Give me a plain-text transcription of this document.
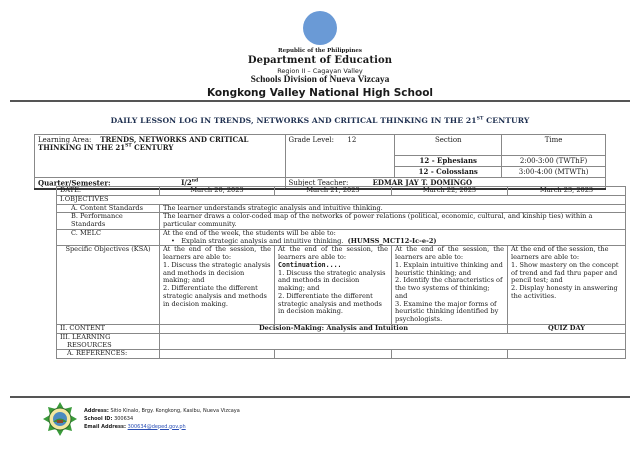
Republic of the Philippines
Department of Education
Region II – Cagayan Valley
Schools Division of Nueva Vizcaya
Kongkong Valley National High School
DAILY LESSON LOG IN TRENDS, NETWORKS AND CRITICAL THINKING IN THE 21ST CENTURY
Learning Area: TRENDS, NETWORKS AND CRITICAL THINKING IN THE 21ST CENTURY	Grade Level: 12	Section	Time
		12 - Ephesians	2:00-3:00 (TWThF)
		12 - Colossians	3:00-4:00 (MTWTh)
Quarter/Semester: I/2nd	Subject Teacher: EDMAR JAY T. DOMINGO		
DATE:	March 20, 2023	March 21, 2023	March 22, 2023	March 23, 2023
I.OBJECTIVES				
A. Content Standards	The learner understands strategic analysis and intuitive thinking.			
B. Performance Standards	The learner draws a color-coded map of the networks of power relations (political, economic, cultural, and kinship ties) within a particular community.			
C. MELC	At the end of the week, the students will be able to:
•   Explain strategic analysis and intuitive thinking. (HUMSS_MCT12-Ic-e-2)			

Specific Objectives (KSA)	At the end of the session, the learners are able to:
1. Discuss the strategic analysis and methods in decision making; and
2. Differentiate the different strategic analysis and methods in decision making.

At the end of the session, the learners are able to:
Continuation....
1. Discuss the strategic analysis and methods in decision making; and
2. Differentiate the different strategic analysis and methods in decision making.

At the end of the session, the learners are able to:
1. Explain intuitive thinking and heuristic thinking; and
2. Identify the characteristics of the two systems of thinking; and
3. Examine the major forms of heuristic thinking identified by psychologists.

At the end of the session, the learners are able to:
1. Show mastery on the concept of trend and fad thru paper and pencil test; and
2. Display honesty in answering the activities.

II. CONTENT	Decision-Making: Analysis and Intuition			QUIZ DAY
III. LEARNING RESOURCES				
A. REFERENCES:				
Address: Sitio Kinalo, Brgy. Kongkong, Kasibu, Nueva Vizcaya
School ID: 300634
Email Address: 300634@deped.gov.ph
